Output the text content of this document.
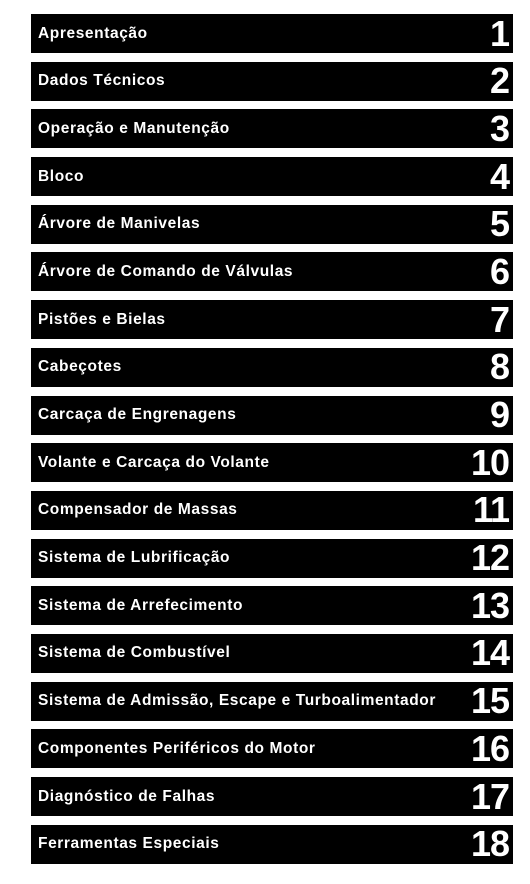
Apresentação	1
Dados Técnicos	2
Operação e Manutenção	3
Bloco	4
Árvore de Manivelas	5
Árvore de Comando de Válvulas	6
Pistões e Bielas	7
Cabeçotes	8
Carcaça de Engrenagens	9
Volante e Carcaça do Volante	10
Compensador de Massas	11
Sistema de Lubrificação	12
Sistema de Arrefecimento	13
Sistema de Combustível	14
Sistema de Admissão, Escape e Turboalimentador 15
Componentes Periféricos do Motor	16
Diagnóstico de Falhas	17
Ferramentas Especiais	18
